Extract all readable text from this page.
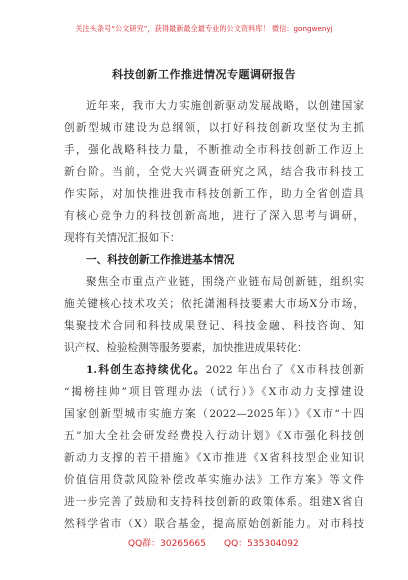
关注头条号“公文研究”，获得最新最全最专业的公文资料库！ 微信：gongwenyj
科技创新工作推进情况专题调研报告
近年来，我市大力实施创新驱动发展战略，以创建国家
创新型城市建设为总纲领，以打好科技创新攻坚仗为主抓
手，强化战略科技力量，不断推动全市科技创新工作迈上
新台阶。当前，全党大兴调查研究之风，结合我市科技工
作实际，对加快推进我市科技创新工作，助力全省创造具
有核心竞争力的科技创新高地，进行了深入思考与调研，
现将有关情况汇报如下：
一、科技创新工作推进基本情况
聚焦全市重点产业链，围绕产业链布局创新链，组织实
施关键核心技术攻关；依托潇湘科技要素大市场X分市场，
集聚技术合同和科技成果登记、科技金融、科技咨询、知
识产权、检验检测等服务要素，加快推进成果转化：
1.科创生态持续优化。2022 年出台了《X市科技创新
“揭榜挂帅”项目管理办法（试行）》《X市动力支撑建设
国家创新型城市实施方案（2022—2025年）》《X市“十四
五”加大全社会研发经费投入行动计划》《X市强化科技创
新动力支撑的若干措施》《X市推进《X省科技型企业知识
价值信用贷款风险补偿改革实施办法》工作方案》等文件
进一步完善了鼓励和支持科技创新的政策体系。组建X省自
然科学省市（X）联合基金，提高原始创新能力。对市科技
QQ群：30265665 QQ：535304092
